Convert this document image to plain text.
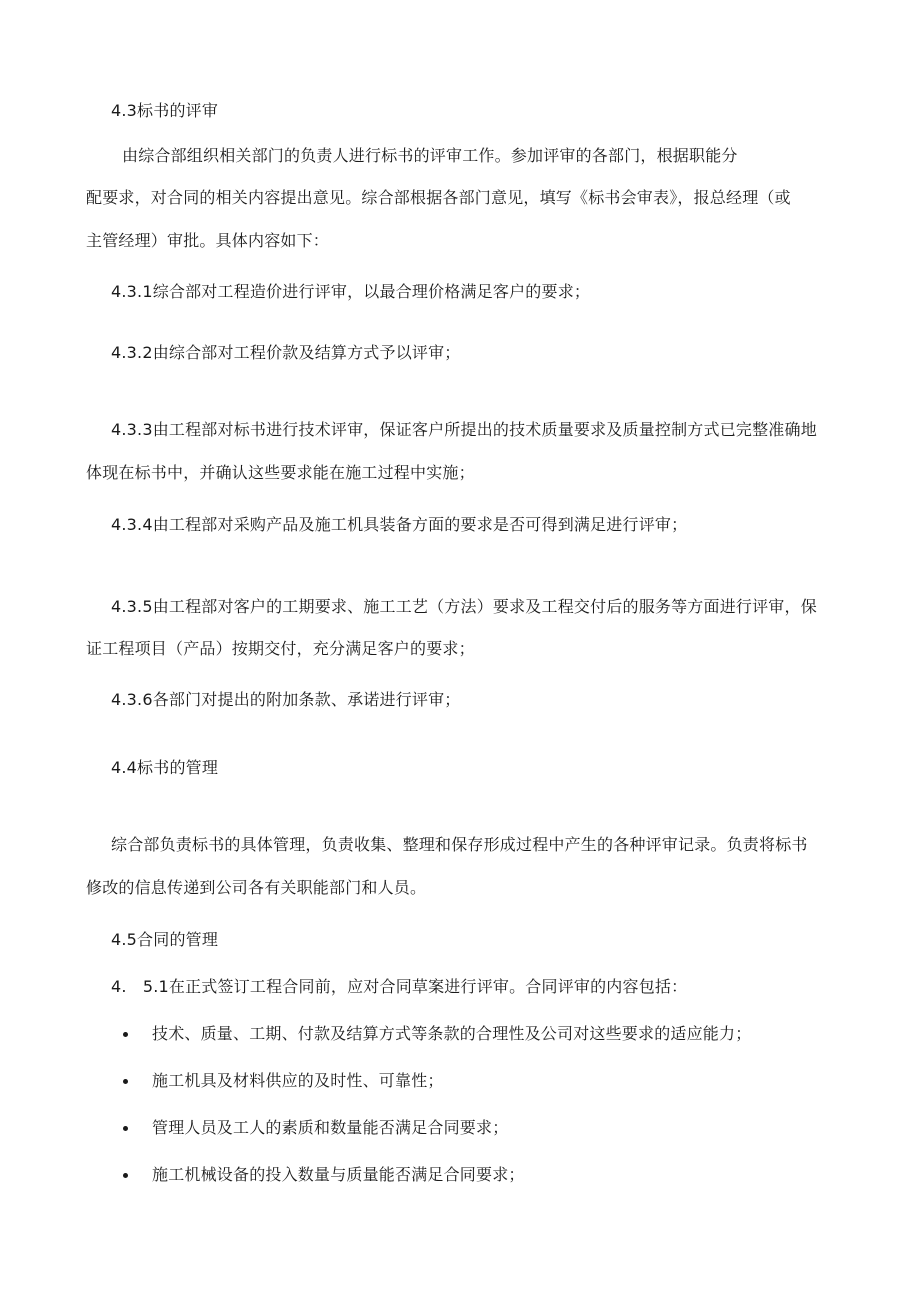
4.3标书的评审
由综合部组织相关部门的负责人进行标书的评审工作。参加评审的各部门，根据职能分
配要求，对合同的相关内容提出意见。综合部根据各部门意见，填写《标书会审表》，报总经理（或
主管经理）审批。具体内容如下：
4.3.1综合部对工程造价进行评审，以最合理价格满足客户的要求；
4.3.2由综合部对工程价款及结算方式予以评审；
4.3.3由工程部对标书进行技术评审，保证客户所提出的技术质量要求及质量控制方式已完整准确地
体现在标书中，并确认这些要求能在施工过程中实施；
4.3.4由工程部对采购产品及施工机具装备方面的要求是否可得到满足进行评审；
4.3.5由工程部对客户的工期要求、施工工艺（方法）要求及工程交付后的服务等方面进行评审，保
证工程项目（产品）按期交付，充分满足客户的要求；
4.3.6各部门对提出的附加条款、承诺进行评审；
4.4标书的管理
综合部负责标书的具体管理，负责收集、整理和保存形成过程中产生的各种评审记录。负责将标书
修改的信息传递到公司各有关职能部门和人员。
4.5合同的管理
4.　5.1在正式签订工程合同前，应对合同草案进行评审。合同评审的内容包括：
技术、质量、工期、付款及结算方式等条款的合理性及公司对这些要求的适应能力；
施工机具及材料供应的及时性、可靠性；
管理人员及工人的素质和数量能否满足合同要求；
施工机械设备的投入数量与质量能否满足合同要求；
